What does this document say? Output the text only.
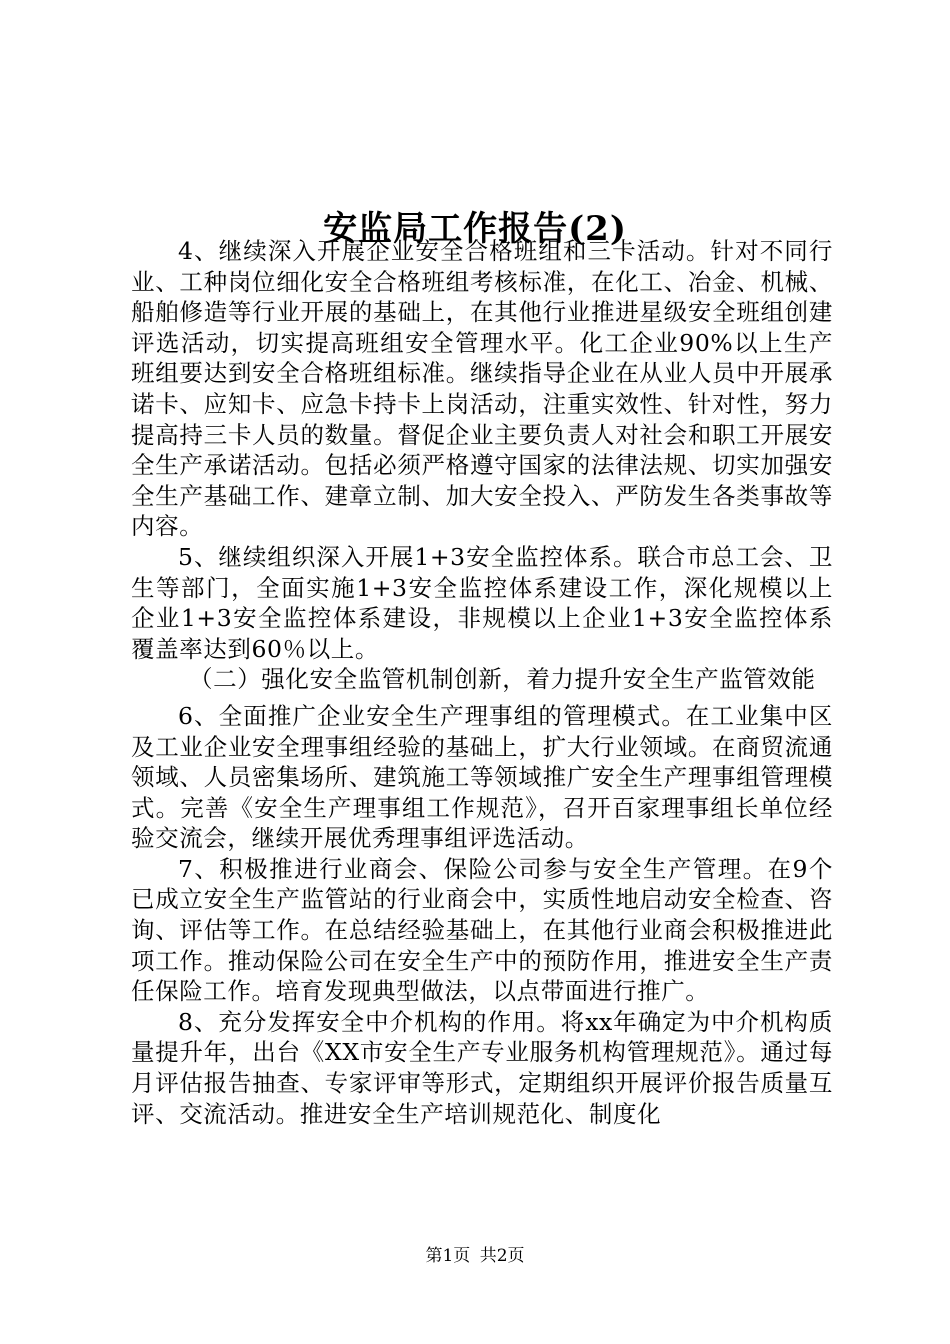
安监局工作报告(2)

4、继续深入开展企业安全合格班组和三卡活动。针对不同行业、工种岗位细化安全合格班组考核标准，在化工、冶金、机械、船舶修造等行业开展的基础上，在其他行业推进星级安全班组创建评选活动，切实提高班组安全管理水平。化工企业90%以上生产班组要达到安全合格班组标准。继续指导企业在从业人员中开展承诺卡、应知卡、应急卡持卡上岗活动，注重实效性、针对性，努力提高持三卡人员的数量。督促企业主要负责人对社会和职工开展安全生产承诺活动。包括必须严格遵守国家的法律法规、切实加强安全生产基础工作、建章立制、加大安全投入、严防发生各类事故等内容。

5、继续组织深入开展1+3安全监控体系。联合市总工会、卫生等部门，全面实施1+3安全监控体系建设工作，深化规模以上企业1+3安全监控体系建设，非规模以上企业1+3安全监控体系覆盖率达到60％以上。

（二）强化安全监管机制创新，着力提升安全生产监管效能

6、全面推广企业安全生产理事组的管理模式。在工业集中区及工业企业安全理事组经验的基础上，扩大行业领域。在商贸流通领域、人员密集场所、建筑施工等领域推广安全生产理事组管理模式。完善《安全生产理事组工作规范》，召开百家理事组长单位经验交流会，继续开展优秀理事组评选活动。

7、积极推进行业商会、保险公司参与安全生产管理。在9个已成立安全生产监管站的行业商会中，实质性地启动安全检查、咨询、评估等工作。在总结经验基础上，在其他行业商会积极推进此项工作。推动保险公司在安全生产中的预防作用，推进安全生产责任保险工作。培育发现典型做法，以点带面进行推广。

8、充分发挥安全中介机构的作用。将xx年确定为中介机构质量提升年，出台《XX市安全生产专业服务机构管理规范》。通过每月评估报告抽查、专家评审等形式，定期组织开展评价报告质量互评、交流活动。推进安全生产培训规范化、制度化

第1页 共2页
